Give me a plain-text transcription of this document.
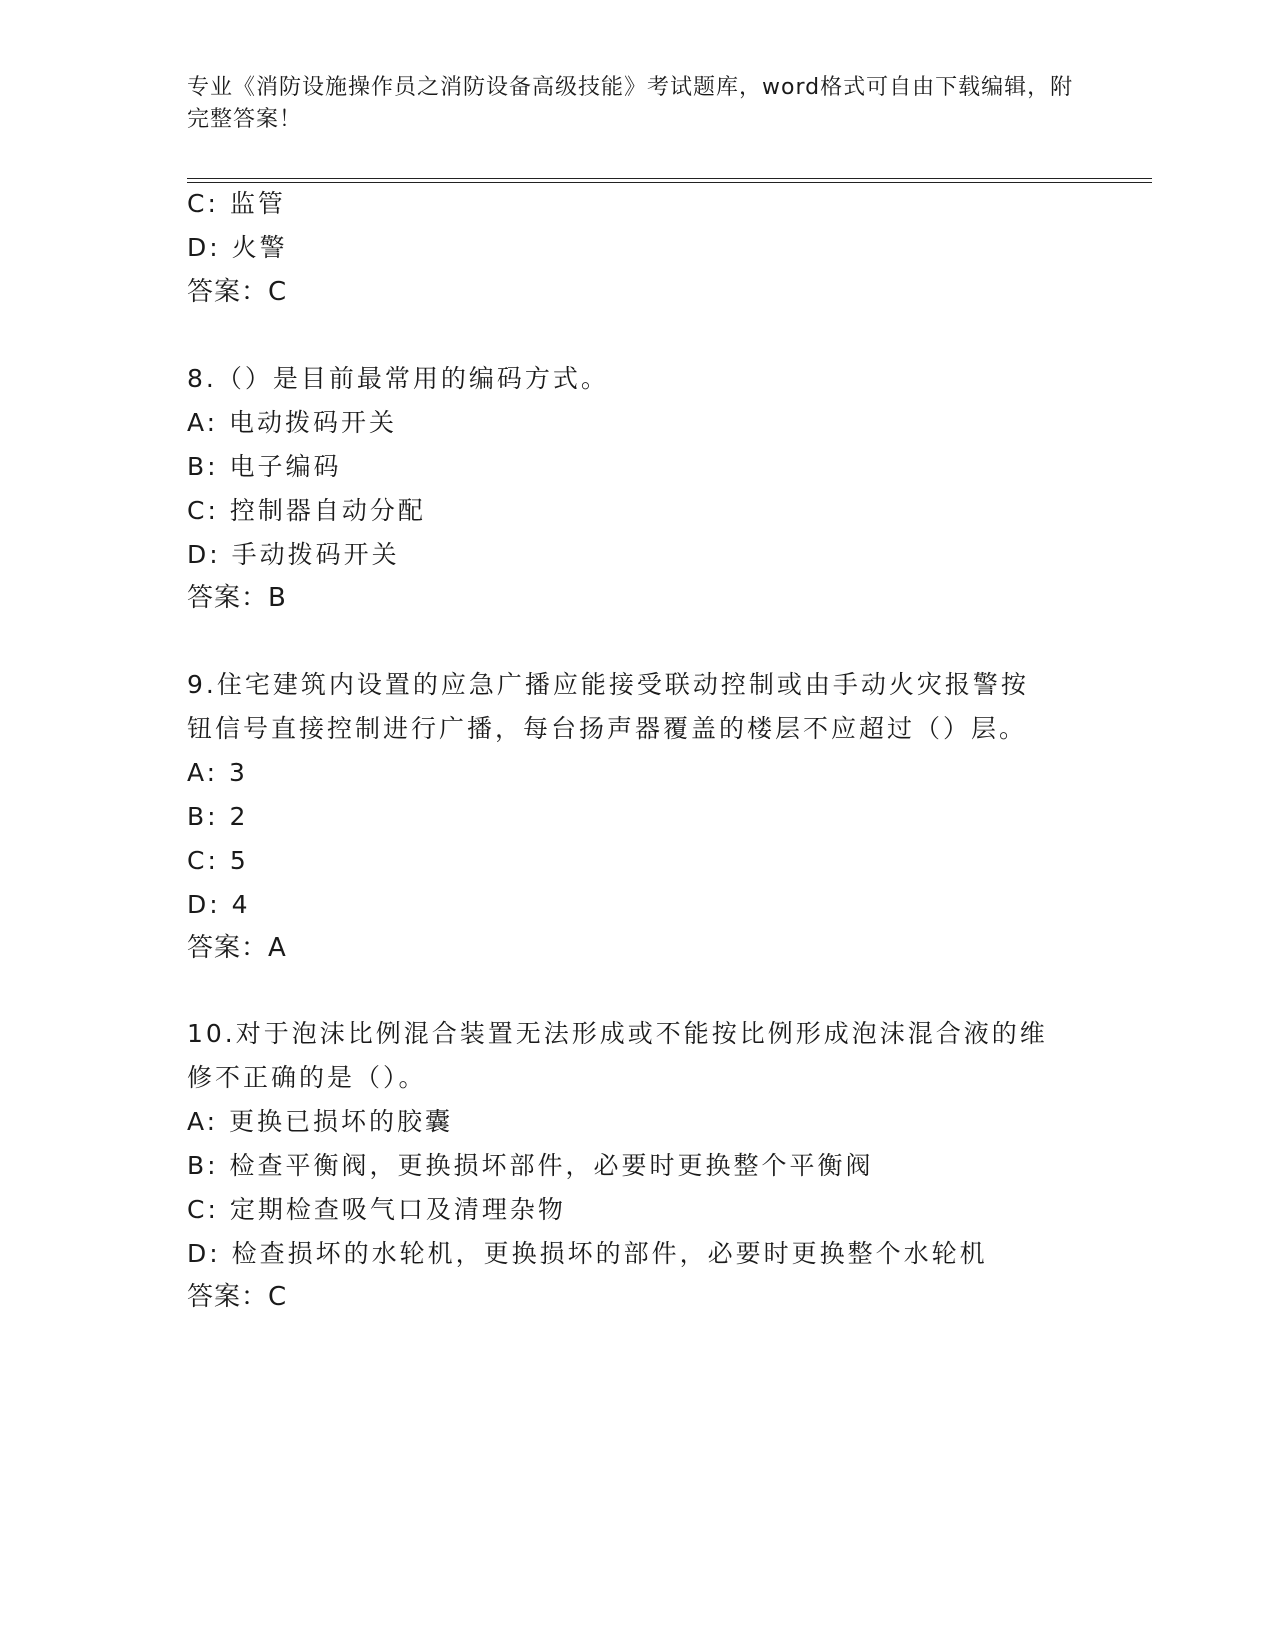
专业《消防设施操作员之消防设备高级技能》考试题库，word格式可自由下载编辑，附完整答案！
C: 监管
D: 火警
答案：C
8.（）是目前最常用的编码方式。
A: 电动拨码开关
B: 电子编码
C: 控制器自动分配
D: 手动拨码开关
答案：B
9.住宅建筑内设置的应急广播应能接受联动控制或由手动火灾报警按
钮信号直接控制进行广播，每台扬声器覆盖的楼层不应超过（）层。
A: 3
B: 2
C: 5
D: 4
答案：A
10.对于泡沫比例混合装置无法形成或不能按比例形成泡沫混合液的维
修不正确的是（）。
A: 更换已损坏的胶囊
B: 检查平衡阀，更换损坏部件，必要时更换整个平衡阀
C: 定期检查吸气口及清理杂物
D: 检查损坏的水轮机，更换损坏的部件，必要时更换整个水轮机
答案：C
